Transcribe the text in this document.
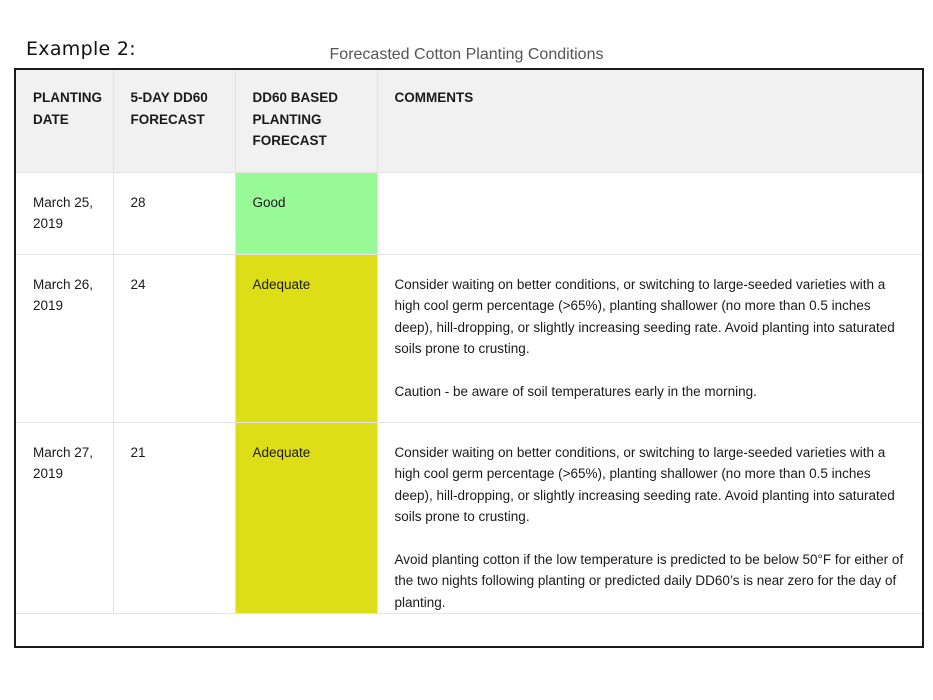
Example 2:	Forecasted Cotton Planting Conditions
PLANTING DATE	5-DAY DD60 FORECAST	DD60 BASED PLANTING FORECAST	COMMENTS
March 25, 2019	28	Good	
March 26, 2019	24	Adequate	Consider waiting on better conditions, or switching to large-seeded varieties with a high cool germ percentage (>65%), planting shallower (no more than 0.5 inches deep), hill-dropping, or slightly increasing seeding rate. Avoid planting into saturated soils prone to crusting.

Caution - be aware of soil temperatures early in the morning.

March 27, 2019	21	Adequate	Consider waiting on better conditions, or switching to large-seeded varieties with a high cool germ percentage (>65%), planting shallower (no more than 0.5 inches deep), hill-dropping, or slightly increasing seeding rate. Avoid planting into saturated soils prone to crusting.

Avoid planting cotton if the low temperature is predicted to be below 50°F for either of the two nights following planting or predicted daily DD60’s is near zero for the day of planting.
